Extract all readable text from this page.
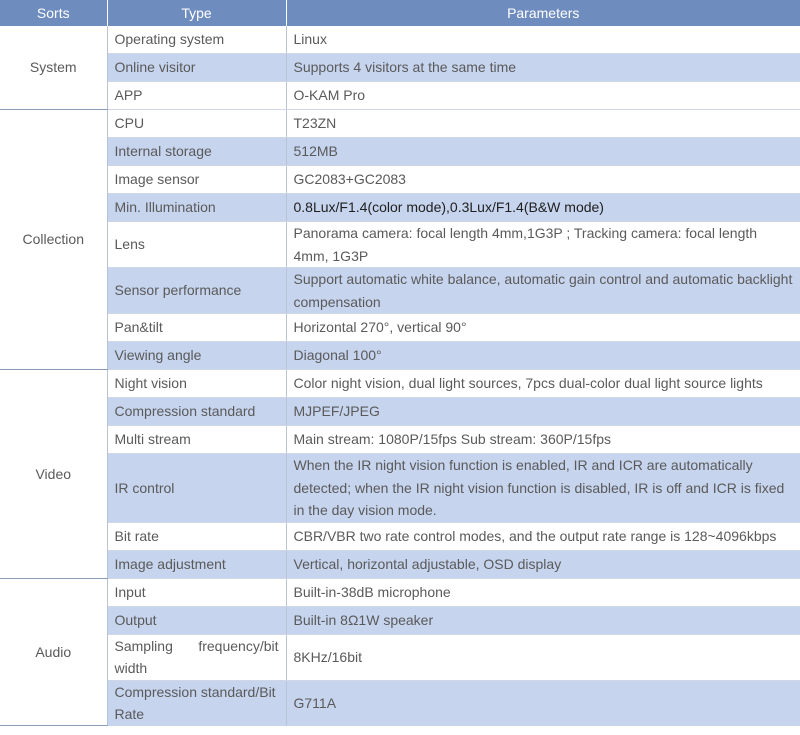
Sorts	Type	Parameters
System	Operating system	Linux
	Online visitor	Supports 4 visitors at the same time
	APP	O-KAM Pro
Collection	CPU	T23ZN
	Internal storage	512MB
	Image sensor	GC2083+GC2083
	Min. Illumination	0.8Lux/F1.4(color mode),0.3Lux/F1.4(B&W mode)
	Lens	Panorama camera: focal length 4mm,1G3P ; Tracking camera: focal length 4mm, 1G3P
	Sensor performance	Support automatic white balance, automatic gain control and automatic backlight compensation
	Pan&tilt	Horizontal 270°, vertical 90°
	Viewing angle	Diagonal 100°
Video	Night vision	Color night vision, dual light sources, 7pcs dual-color dual light source lights
	Compression standard	MJPEF/JPEG
	Multi stream	Main stream: 1080P/15fps Sub stream: 360P/15fps
	IR control	When the IR night vision function is enabled, IR and ICR are automatically detected; when the IR night vision function is disabled, IR is off and ICR is fixed in the day vision mode.
	Bit rate	CBR/VBR two rate control modes, and the output rate range is 128~4096kbps
	Image adjustment	Vertical, horizontal adjustable, OSD display
Audio	Input	Built-in-38dB microphone
	Output	Built-in 8Ω1W speaker
	Sampling frequency/bit width	8KHz/16bit
	Compression standard/Bit Rate	G711A
